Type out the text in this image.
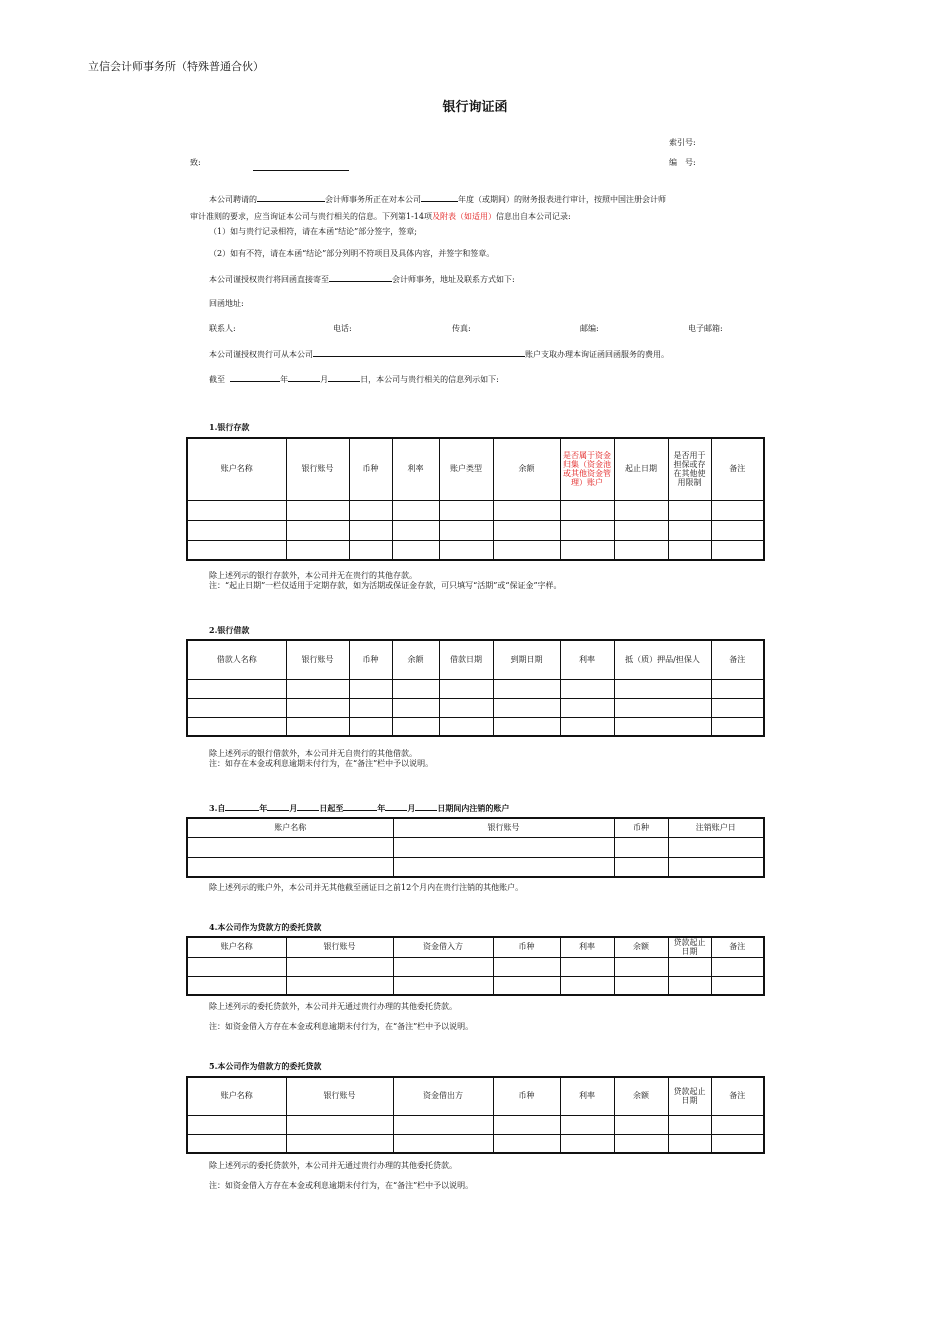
立信会计师事务所（特殊普通合伙）
银行询证函
索引号:
编　号:
致:
本公司聘请的	会计师事务所正在对本公司	年度（或期间）的财务报表进行审计，按照中国注册会计师
审计准则的要求，应当询证本公司与贵行相关的信息。下列第1-14项及附表（如适用）信息出自本公司记录:
（1）如与贵行记录相符，请在本函“结论”部分签字，签章;
（2）如有不符，请在本函“结论”部分列明不符项目及具体内容，并签字和签章。
本公司谨授权贵行将回函直接寄至	会计师事务，地址及联系方式如下:
回函地址:
联系人:	电话:	传真:	邮编:	电子邮箱:
本公司谨授权贵行可从本公司	账户支取办理本询证函回函服务的费用。
截至	年	月	日，本公司与贵行相关的信息列示如下:
1.银行存款
账户名称	银行账号	币种	利率	账户类型	余额	是否属于资金归集（资金池或其他资金管理）账户	起止日期	是否用于担保或存在其他使用限制	备注

除上述列示的银行存款外，本公司并无在贵行的其他存款。
注：“起止日期”一栏仅适用于定期存款，如为活期或保证金存款，可只填写“活期”或“保证金”字样。
2.银行借款
借款人名称	银行账号	币种	余额	借款日期	到期日期	利率	抵（质）押品/担保人	备注

除上述列示的银行借款外，本公司并无自贵行的其他借款。
注：如存在本金或利息逾期未付行为，在“备注”栏中予以说明。
3.自	年	月	日起至	年	月	日期间内注销的账户
账户名称	银行账号	币种	注销账户日

除上述列示的账户外，本公司并无其他截至函证日之前12个月内在贵行注销的其他账户。
4.本公司作为贷款方的委托贷款
账户名称	银行账号	资金借入方	币种	利率	余额	贷款起止日期	备注

除上述列示的委托贷款外，本公司并无通过贵行办理的其他委托贷款。
注：如资金借入方存在本金或利息逾期未付行为，在“备注”栏中予以说明。
5.本公司作为借款方的委托贷款
账户名称	银行账号	资金借出方	币种	利率	余额	贷款起止日期	备注

除上述列示的委托贷款外，本公司并无通过贵行办理的其他委托贷款。
注：如资金借入方存在本金或利息逾期未付行为，在“备注”栏中予以说明。
